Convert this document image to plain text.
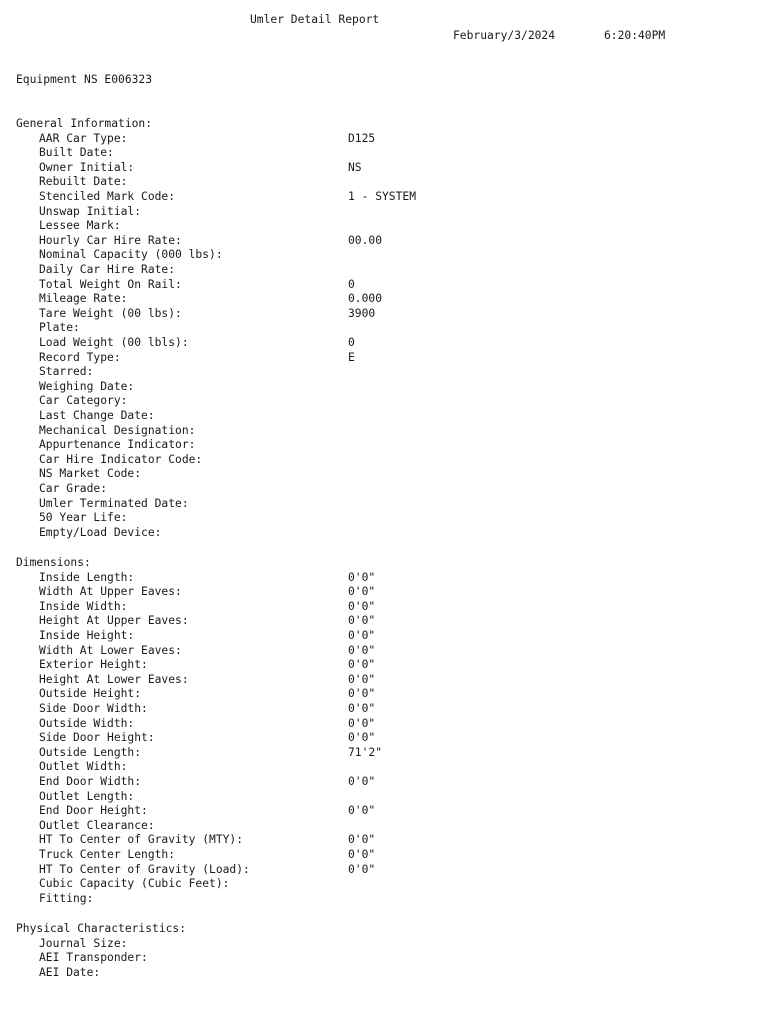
Umler Detail Report
February/3/2024	6:20:40PM
Equipment NS E006323
General Information:
AAR Car Type:	D125
Built Date:
Owner Initial:	NS
Rebuilt Date:
Stenciled Mark Code:	1 - SYSTEM
Unswap Initial:
Lessee Mark:
Hourly Car Hire Rate:	00.00
Nominal Capacity (000 lbs):
Daily Car Hire Rate:
Total Weight On Rail:	0
Mileage Rate:	0.000
Tare Weight (00 lbs):	3900
Plate:
Load Weight (00 lbls):	0
Record Type:	E
Starred:
Weighing Date:
Car Category:
Last Change Date:
Mechanical Designation:
Appurtenance Indicator:
Car Hire Indicator Code:
NS Market Code:
Car Grade:
Umler Terminated Date:
50 Year Life:
Empty/Load Device:
Dimensions:
Inside Length:	0'0"
Width At Upper Eaves:	0'0"
Inside Width:	0'0"
Height At Upper Eaves:	0'0"
Inside Height:	0'0"
Width At Lower Eaves:	0'0"
Exterior Height:	0'0"
Height At Lower Eaves:	0'0"
Outside Height:	0'0"
Side Door Width:	0'0"
Outside Width:	0'0"
Side Door Height:	0'0"
Outside Length:	71'2"
Outlet Width:
End Door Width:	0'0"
Outlet Length:
End Door Height:	0'0"
Outlet Clearance:
HT To Center of Gravity (MTY):	0'0"
Truck Center Length:	0'0"
HT To Center of Gravity (Load):	0'0"
Cubic Capacity (Cubic Feet):
Fitting:
Physical Characteristics:
Journal Size:
AEI Transponder:
AEI Date:
